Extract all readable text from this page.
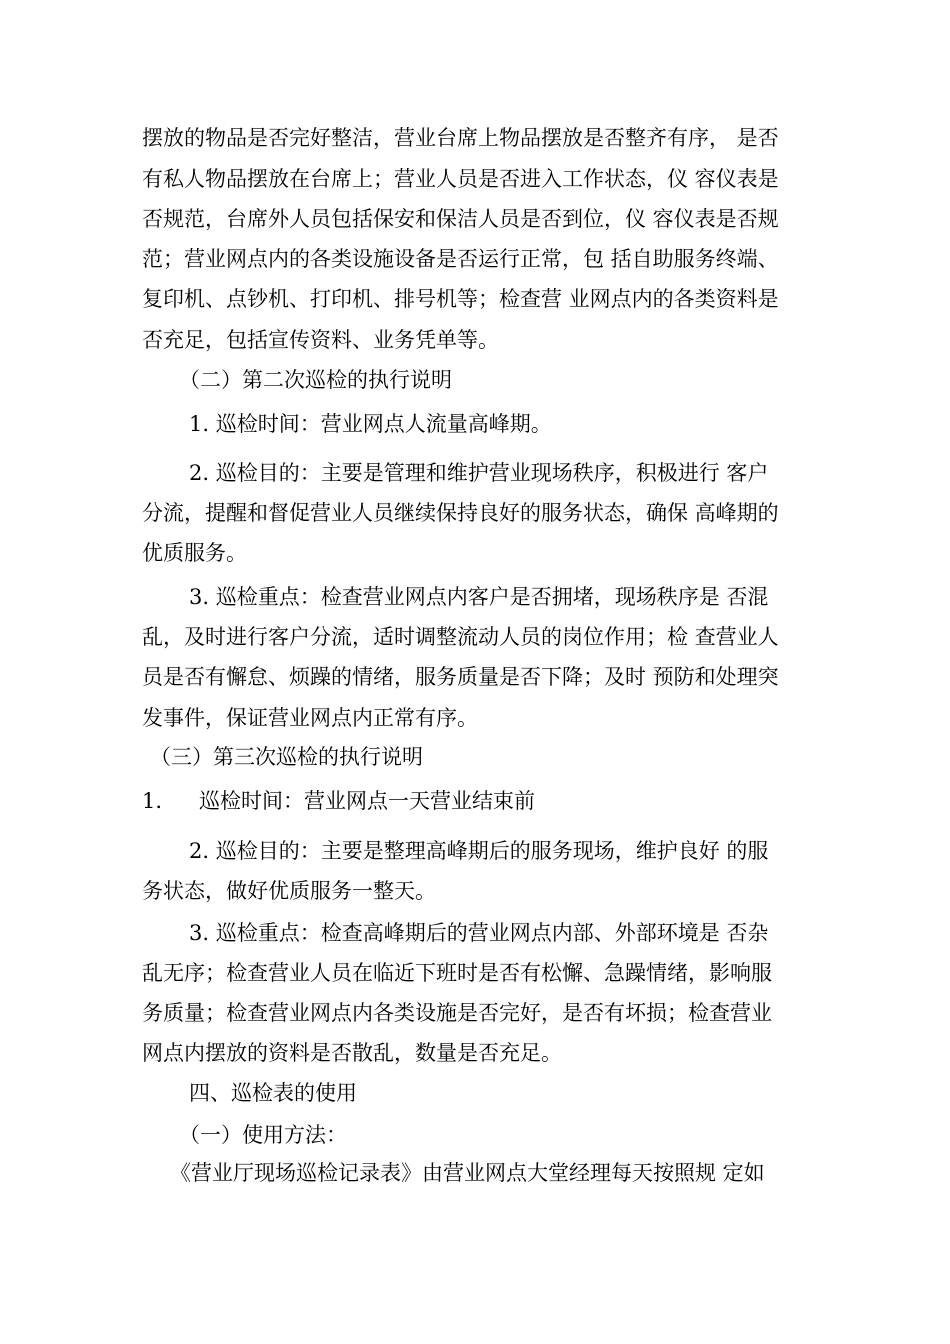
摆放的物品是否完好整洁，营业台席上物品摆放是否整齐有序， 是否
有私人物品摆放在台席上；营业人员是否进入工作状态，仪 容仪表是
否规范，台席外人员包括保安和保洁人员是否到位，仪 容仪表是否规
范；营业网点内的各类设施设备是否运行正常，包 括自助服务终端、
复印机、点钞机、打印机、排号机等；检查营 业网点内的各类资料是
否充足，包括宣传资料、业务凭单等。
（二）第二次巡检的执行说明
1. 巡检时间：营业网点人流量高峰期。
2. 巡检目的：主要是管理和维护营业现场秩序，积极进行 客户
分流，提醒和督促营业人员继续保持良好的服务状态，确保 高峰期的
优质服务。
3. 巡检重点：检查营业网点内客户是否拥堵，现场秩序是 否混
乱，及时进行客户分流，适时调整流动人员的岗位作用；检 查营业人
员是否有懈怠、烦躁的情绪，服务质量是否下降；及时 预防和处理突
发事件，保证营业网点内正常有序。
（三）第三次巡检的执行说明
1.	巡检时间：营业网点一天营业结束前
2. 巡检目的：主要是整理高峰期后的服务现场，维护良好 的服
务状态，做好优质服务一整天。
3. 巡检重点：检查高峰期后的营业网点内部、外部环境是 否杂
乱无序；检查营业人员在临近下班时是否有松懈、急躁情绪，影响服
务质量；检查营业网点内各类设施是否完好，是否有坏损；检查营业
网点内摆放的资料是否散乱，数量是否充足。
四、巡检表的使用
（一）使用方法：
《营业厅现场巡检记录表》由营业网点大堂经理每天按照规 定如
